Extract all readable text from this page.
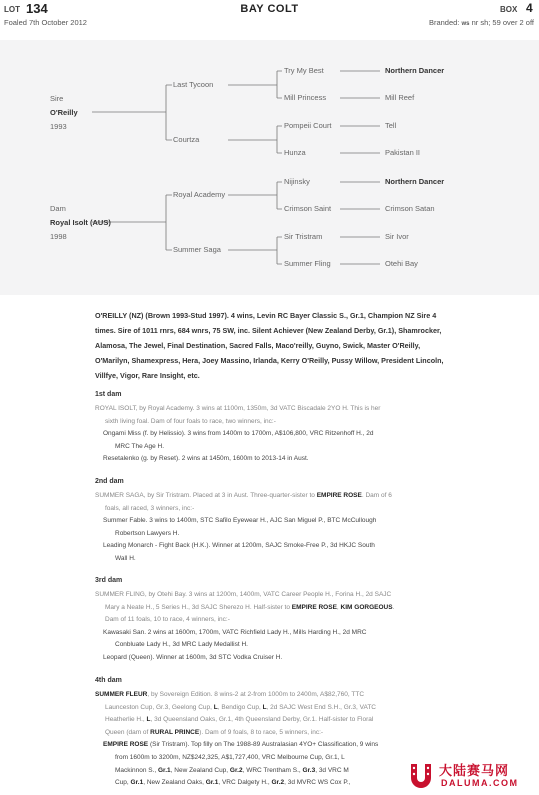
LOT 134
Foaled 7th October 2012
BAY COLT	BOX 4
Branded: ws nr sh; 59 over 2 off
Sire
O'Reilly
1993
Dam
Royal Isolt (AUS)
1998
Last Tycoon
Courtza
Royal Academy
Summer Saga
Try My Best
Mill Princess
Pompeii Court
Hunza
Nijinsky
Crimson Saint
Sir Tristram
Summer Fling
Northern Dancer
Mill Reef
Tell
Pakistan II
Northern Dancer
Crimson Satan
Sir Ivor
Otehi Bay
O'REILLY (NZ) (Brown 1993-Stud 1997). 4 wins, Levin RC Bayer Classic S., Gr.1, Champion NZ Sire 4 times. Sire of 1011 rnrs, 684 wnrs, 75 SW, inc. Silent Achiever (New Zealand Derby, Gr.1), Shamrocker, Alamosa, The Jewel, Final Destination, Sacred Falls, Maco'reilly, Guyno, Swick, Master O'Reilly, O'Marilyn, Shamexpress, Hera, Joey Massino, Irlanda, Kerry O'Reilly, Pussy Willow, President Lincoln, Villfye, Vigor, Rare Insight, etc.
1st dam

ROYAL ISOLT, by Royal Academy. 3 wins at 1100m, 1350m, 3d VATC Biscadale 2YO H. This is her
sixth living foal. Dam of four foals to race, two winners, inc:-

Ongami Miss (f. by Helissio). 3 wins from 1400m to 1700m, A$106,800, VRC Ritzenhoff H., 2d
MRC The Age H.

Resetalenko (g. by Reset). 2 wins at 1450m, 1600m to 2013-14 in Aust.

2nd dam

SUMMER SAGA, by Sir Tristram. Placed at 3 in Aust. Three-quarter-sister to EMPIRE ROSE. Dam of 6
foals, all raced, 3 winners, inc:-

Summer Fable. 3 wins to 1400m, STC Safilo Eyewear H., AJC San Miguel P., BTC McCullough
Robertson Lawyers H.

Leading Monarch - Fight Back (H.K.). Winner at 1200m, SAJC Smoke-Free P., 3d HKJC South
Wall H.

3rd dam

SUMMER FLING, by Otehi Bay. 3 wins at 1200m, 1400m, VATC Career People H., Forina H., 2d SAJC
Mary a Neate H., 5 Series H., 3d SAJC Sherezo H. Half-sister to EMPIRE ROSE, KIM GORGEOUS.
Dam of 11 foals, 10 to race, 4 winners, inc:-

Kawasaki San. 2 wins at 1600m, 1700m, VATC Richfield Lady H., Mills Harding H., 2d MRC
Conbluate Lady H., 3d MRC Lady Medallist H.

Leopard (Queen). Winner at 1600m, 3d STC Vodka Cruiser H.

4th dam

SUMMER FLEUR, by Sovereign Edition. 8 wins-2 at 2-from 1000m to 2400m, A$82,760, TTC
Launceston Cup, Gr.3, Geelong Cup, L, Bendigo Cup, L, 2d SAJC West End S.H., Gr.3, VATC
Heatherlie H., L, 3d Queensland Oaks, Gr.1, 4th Queensland Derby, Gr.1. Half-sister to Floral
Queen (dam of RURAL PRINCE). Dam of 9 foals, 8 to race, 5 winners, inc:-

EMPIRE ROSE (Sir Tristram). Top filly on The 1988-89 Australasian 4YO+ Classification, 9 wins
from 1600m to 3200m, NZ$242,325, A$1,727,400, VRC Melbourne Cup, Gr.1, L
Mackinnon S., Gr.1, New Zealand Cup, Gr.2, WRC Trentham S., Gr.3, 3d VRC M
Cup, Gr.1, New Zealand Oaks, Gr.1, VRC Dalgety H., Gr.2, 3d MVRC WS Cox P.,

大陆赛马网
DALUMA.COM
